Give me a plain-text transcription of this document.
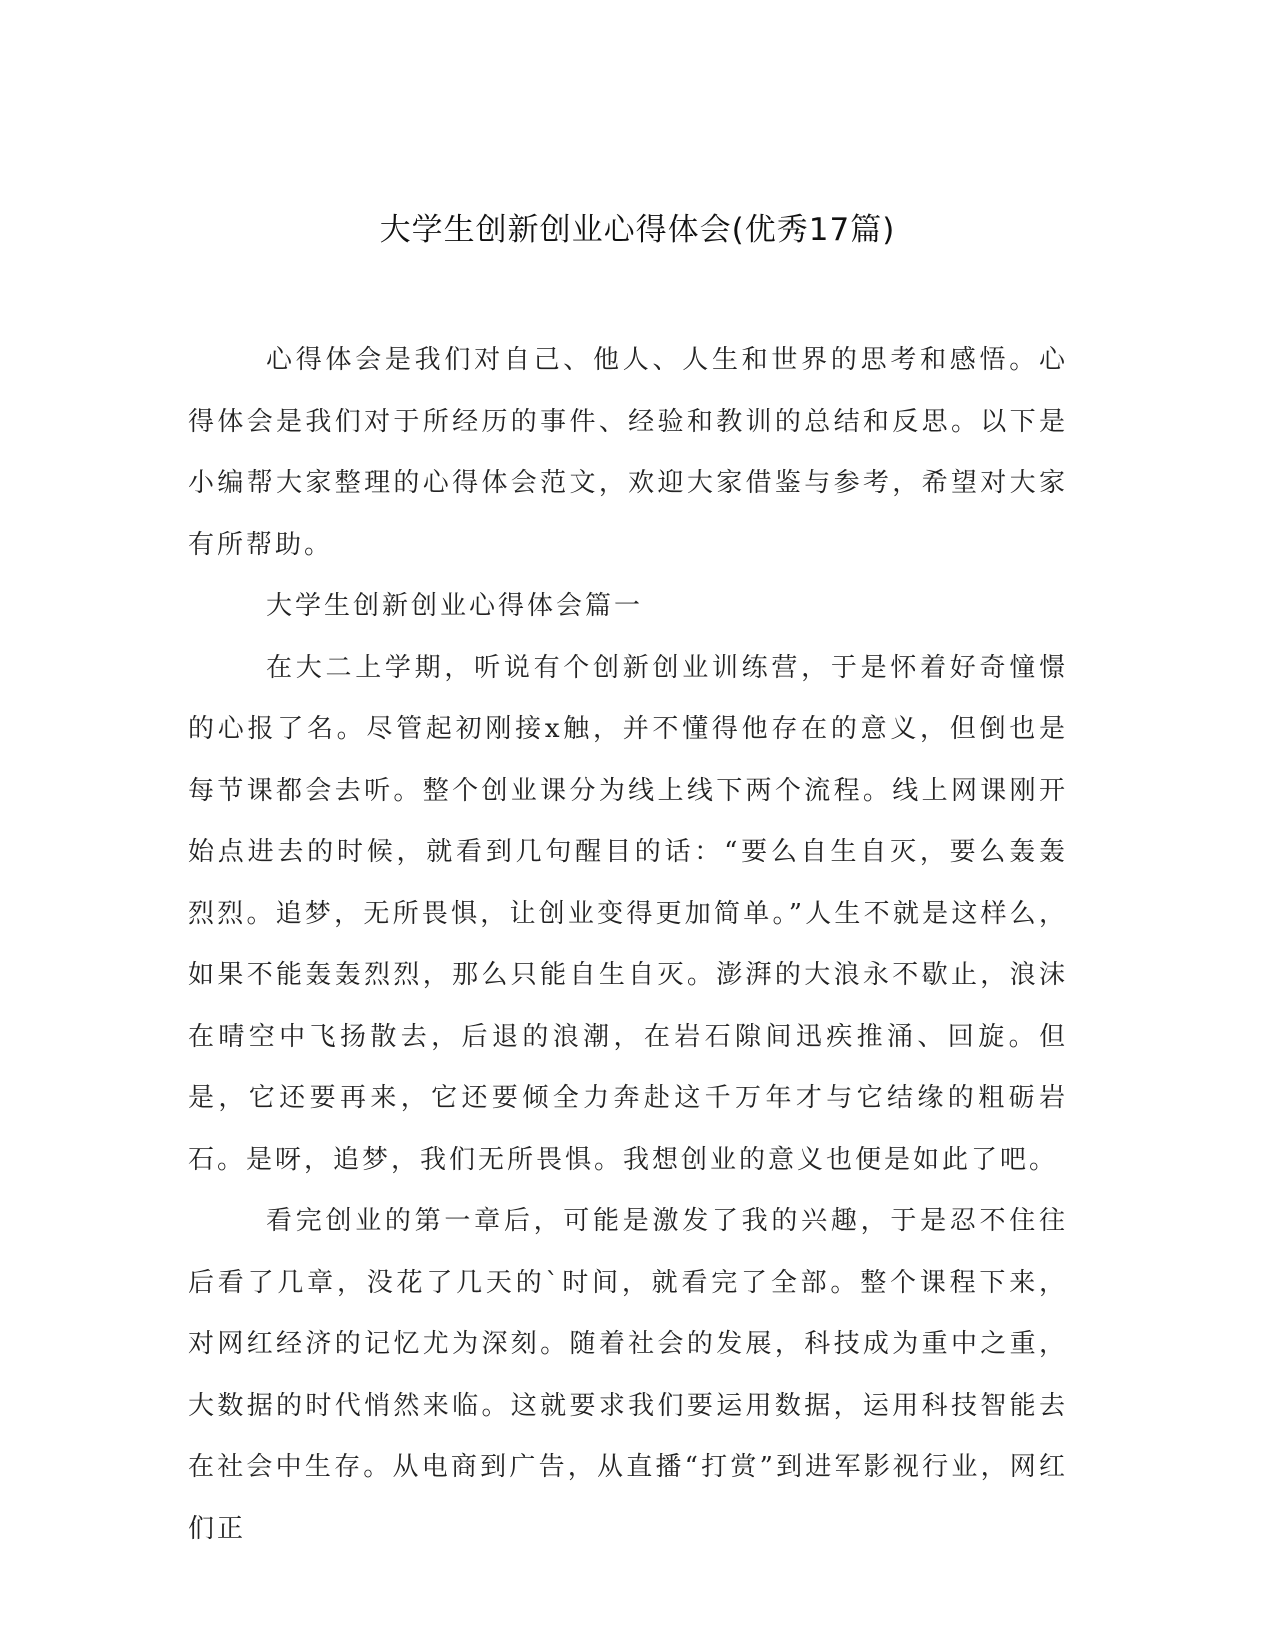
大学生创新创业心得体会(优秀17篇)

心得体会是我们对自己、他人、人生和世界的思考和感悟。心得体会是我们对于所经历的事件、经验和教训的总结和反思。以下是小编帮大家整理的心得体会范文，欢迎大家借鉴与参考，希望对大家有所帮助。

大学生创新创业心得体会篇一

在大二上学期，听说有个创新创业训练营，于是怀着好奇憧憬的心报了名。尽管起初刚接x触，并不懂得他存在的意义，但倒也是每节课都会去听。整个创业课分为线上线下两个流程。线上网课刚开始点进去的时候，就看到几句醒目的话：“要么自生自灭，要么轰轰烈烈。追梦，无所畏惧，让创业变得更加简单。”人生不就是这样么，如果不能轰轰烈烈，那么只能自生自灭。澎湃的大浪永不歇止，浪沫在晴空中飞扬散去，后退的浪潮，在岩石隙间迅疾推涌、回旋。但是，它还要再来，它还要倾全力奔赴这千万年才与它结缘的粗砺岩石。是呀，追梦，我们无所畏惧。我想创业的意义也便是如此了吧。

看完创业的第一章后，可能是激发了我的兴趣，于是忍不住往后看了几章，没花了几天的`时间，就看完了全部。整个课程下来，对网红经济的记忆尤为深刻。随着社会的发展，科技成为重中之重，大数据的时代悄然来临。这就要求我们要运用数据，运用科技智能去在社会中生存。从电商到广告，从直播“打赏”到进军影视行业，网红们正
